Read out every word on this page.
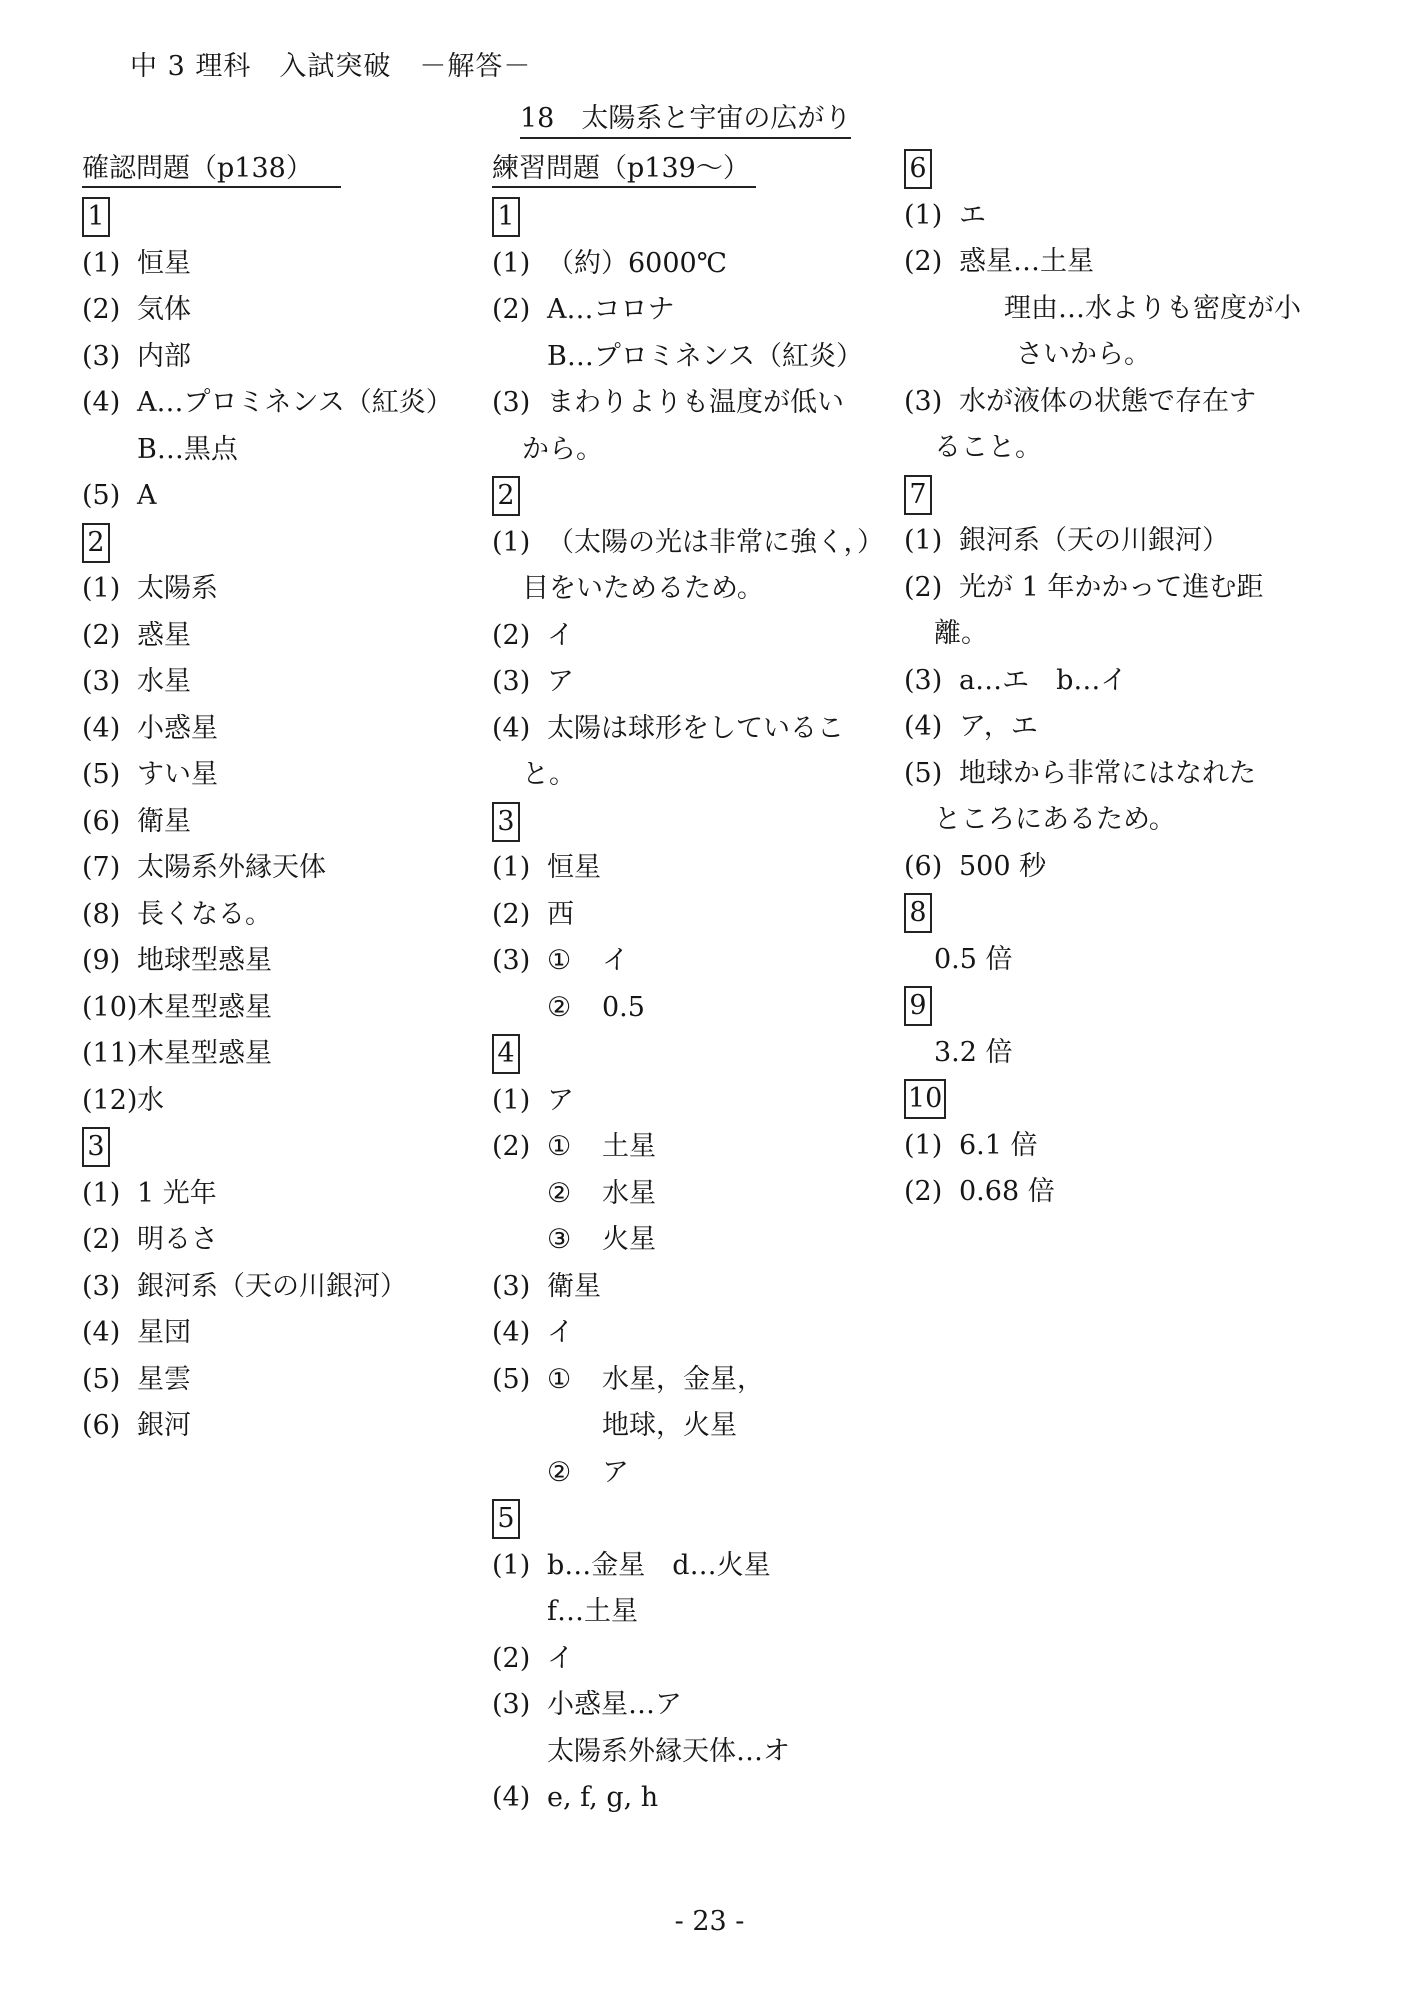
中 3 理科　入試突破　－解答－
18　太陽系と宇宙の広がり
確認問題（p138）
1
(1) 恒星
(2) 気体
(3) 内部
(4) A…プロミネンス（紅炎）
B…黒点
(5) A
2
(1) 太陽系
(2) 惑星
(3) 水星
(4) 小惑星
(5) すい星
(6) 衛星
(7) 太陽系外縁天体
(8) 長くなる。
(9) 地球型惑星
(10) 木星型惑星
(11) 木星型惑星
(12) 水
3
(1) 1 光年
(2) 明るさ
(3) 銀河系（天の川銀河）
(4) 星団
(5) 星雲
(6) 銀河
練習問題（p139～）
1
(1) （約）6000℃
(2) A…コロナ
B…プロミネンス（紅炎）
(3) まわりよりも温度が低い
から。
2
(1) （太陽の光は非常に強く，）
目をいためるため。
(2) イ
(3) ア
(4) 太陽は球形をしているこ
と。
3
(1) 恒星
(2) 西
(3) ① イ
② 0.5
4
(1) ア
(2) ① 土星
② 水星
③ 火星
(3) 衛星
(4) イ
(5) ① 水星，金星，
地球，火星
② ア
5
(1) b…金星　d…火星
f…土星
(2) イ
(3) 小惑星…ア
太陽系外縁天体…オ
(4) e, f, g, h
6
(1) エ
(2) 惑星…土星
理由…水よりも密度が小
さいから。
(3) 水が液体の状態で存在す
ること。
7
(1) 銀河系（天の川銀河）
(2) 光が 1 年かかって進む距
離。
(3) a…エ　b…イ
(4) ア，エ
(5) 地球から非常にはなれた
ところにあるため。
(6) 500 秒
8
0.5 倍
9
3.2 倍
10
(1) 6.1 倍
(2) 0.68 倍
- 23 -
